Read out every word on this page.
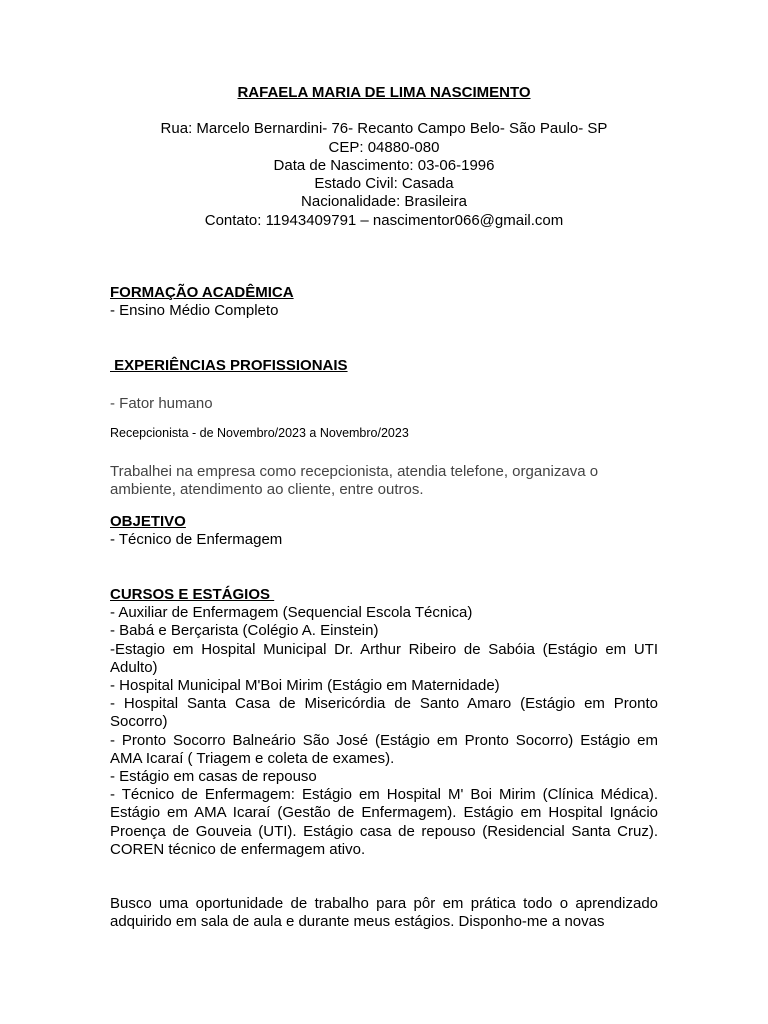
RAFAELA MARIA DE LIMA NASCIMENTO
Rua: Marcelo Bernardini- 76- Recanto Campo Belo- São Paulo- SP
CEP: 04880-080
Data de Nascimento: 03-06-1996
Estado Civil: Casada
Nacionalidade: Brasileira
Contato: 11943409791 – nascimentor066@gmail.com
FORMAÇÃO ACADÊMICA
- Ensino Médio Completo
EXPERIÊNCIAS PROFISSIONAIS
- Fator humano
Recepcionista - de Novembro/2023 a Novembro/2023
Trabalhei na empresa como recepcionista, atendia telefone, organizava o ambiente, atendimento ao cliente, entre outros.
OBJETIVO
- Técnico de Enfermagem
CURSOS E ESTÁGIOS
- Auxiliar de Enfermagem (Sequencial Escola Técnica)
- Babá e Berçarista (Colégio A. Einstein)
-Estagio em Hospital Municipal Dr. Arthur Ribeiro de Sabóia (Estágio em UTI Adulto)
- Hospital Municipal M'Boi Mirim (Estágio em Maternidade)
- Hospital Santa Casa de Misericórdia de Santo Amaro (Estágio em Pronto Socorro)
- Pronto Socorro Balneário São José (Estágio em Pronto Socorro) Estágio em AMA Icaraí ( Triagem e coleta de exames).
- Estágio em casas de repouso
- Técnico de Enfermagem: Estágio em Hospital M' Boi Mirim (Clínica Médica). Estágio em AMA Icaraí (Gestão de Enfermagem). Estágio em Hospital Ignácio Proença de Gouveia (UTI). Estágio casa de repouso (Residencial Santa Cruz). COREN técnico de enfermagem ativo.
Busco uma oportunidade de trabalho para pôr em prática todo o aprendizado adquirido em sala de aula e durante meus estágios. Disponho-me a novas
